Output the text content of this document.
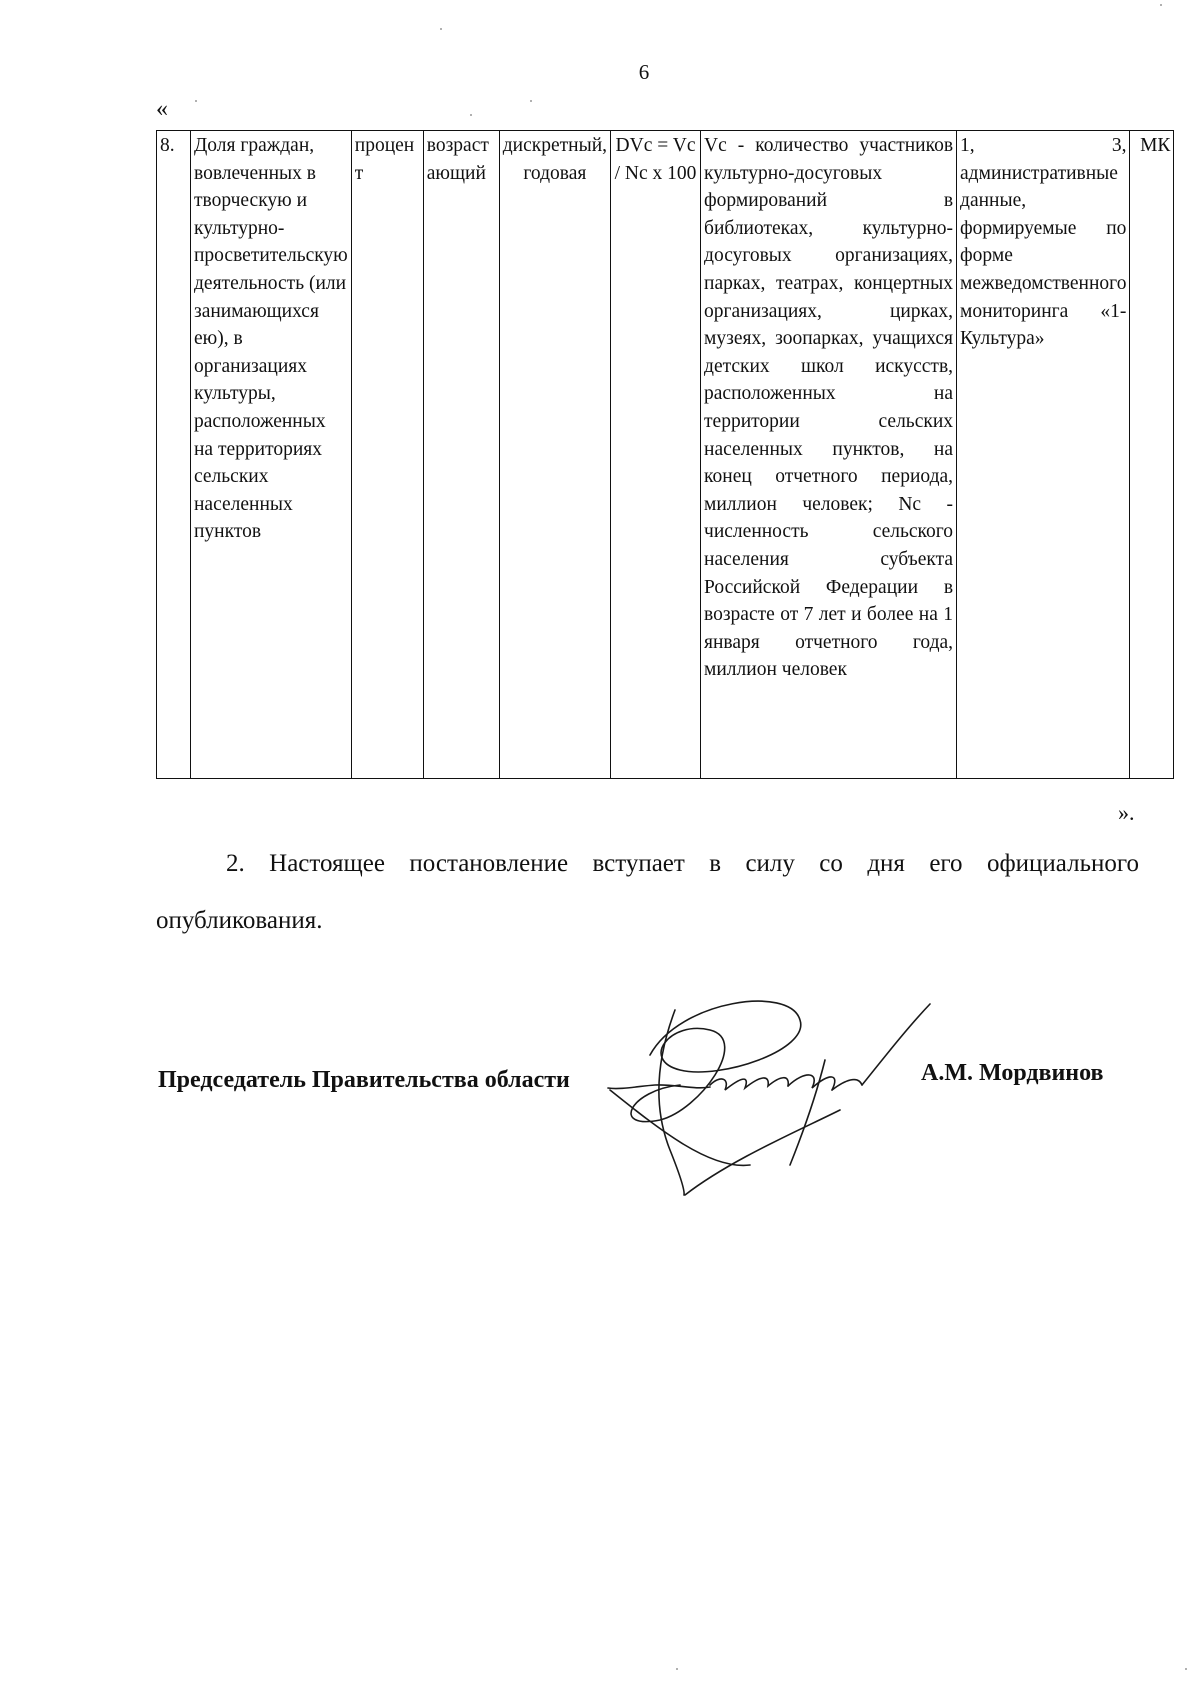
6
«
8.	Доля граждан, вовлеченных в творческую и культурно-просветительскую деятельность (или занимающихся ею), в организациях культуры, расположенных на территориях сельских населенных пунктов	процент	возрастающий	дискретный, годовая	DVc = Vc / Nc x 100	Vc - количество участников культурно-досуговых формирований в библиотеках, культурно-досуговых организациях, парках, театрах, концертных организациях, цирках, музеях, зоопарках, учащихся детских школ искусств, расположенных на территории сельских населенных пунктов, на конец отчетного периода, миллион человек; Nc - численность сельского населения субъекта Российской Федерации в возрасте от 7 лет и более на 1 января отчетного года, миллион человек	1, 3, административные данные, формируемые по форме межведомственного мониторинга «1-Культура»	МК
».
2. Настоящее постановление вступает в силу со дня его официального опубликования.
Председатель Правительства области	А.М. Мордвинов
